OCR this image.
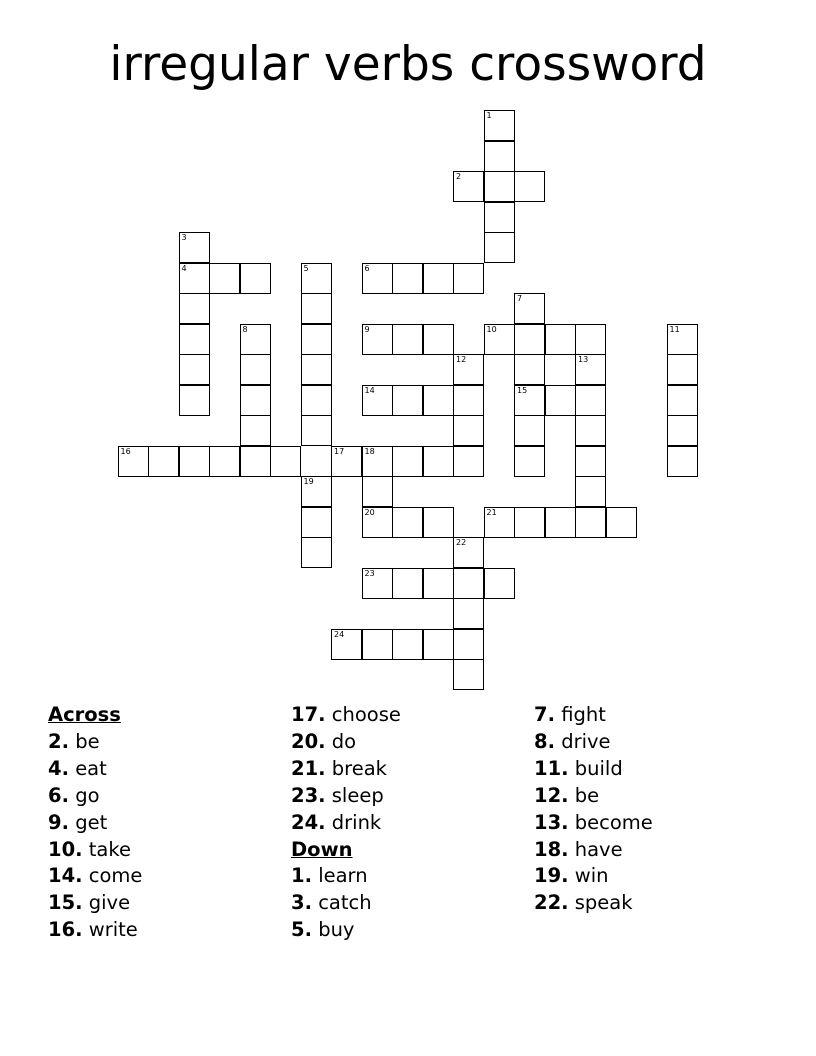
irregular verbs crossword
1
2
3
4	5	6
7
8	9	10	11
12	13
14	15
16	17	18
19
20	21
22
23
24
Across
2. be
4. eat
6. go
9. get
10. take
14. come
15. give
16. write
17. choose
20. do
21. break
23. sleep
24. drink
Down
1. learn
3. catch
5. buy
7. fight
8. drive
11. build
12. be
13. become
18. have
19. win
22. speak
